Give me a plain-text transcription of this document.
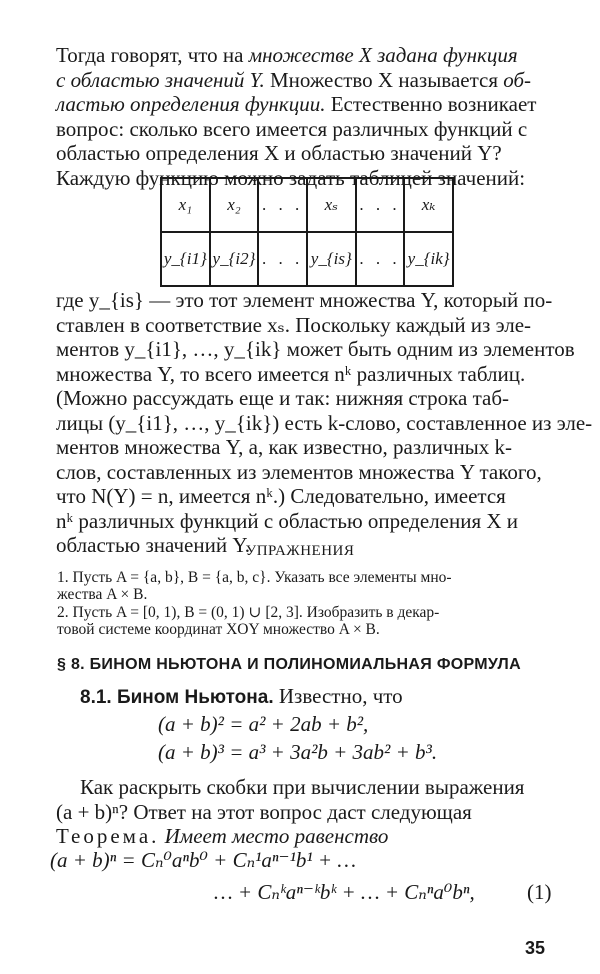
Тогда говорят, что на множестве X задана функция
с областью значений Y. Множество X называется об-
ластью определения функции. Естественно возникает
вопрос: сколько всего имеется различных функций с
областью определения X и областью значений Y?
Каждую функцию можно задать таблицей значений:
x₁	x₂	. . .	xₛ	. . .	xₖ
y_{i1}	y_{i2}	. . .	y_{is}	. . .	y_{ik}
где y_{is} — это тот элемент множества Y, который по-
ставлен в соответствие xₛ. Поскольку каждый из эле-
ментов y_{i1}, …, y_{ik} может быть одним из элементов
множества Y, то всего имеется nᵏ различных таблиц.
(Можно рассуждать еще и так: нижняя строка таб-
лицы (y_{i1}, …, y_{ik}) есть k-слово, составленное из эле-
ментов множества Y, а, как известно, различных k-
слов, составленных из элементов множества Y такого,
что N(Y) = n, имеется nᵏ.) Следовательно, имеется
nᵏ различных функций с областью определения X и
областью значений Y.

УПРАЖНЕНИЯ

1. Пусть A = {a, b}, B = {a, b, c}. Указать все элементы мно-
жества A × B.
2. Пусть A = [0, 1), B = (0, 1) ∪ [2, 3]. Изобразить в декар-
товой системе координат XOY множество A × B.

§ 8. БИНОМ НЬЮТОНА И ПОЛИНОМИАЛЬНАЯ ФОРМУЛА

8.1. Бином Ньютона. Известно, что

(a + b)² = a² + 2ab + b²,

(a + b)³ = a³ + 3a²b + 3ab² + b³.

Как раскрыть скобки при вычислении выражения
(a + b)ⁿ? Ответ на этот вопрос даст следующая
Теорема. Имеет место равенство

(a + b)ⁿ = Cₙ⁰aⁿb⁰ + Cₙ¹aⁿ⁻¹b¹ + …

… + Cₙᵏaⁿ⁻ᵏbᵏ + … + Cₙⁿa⁰bⁿ, (1)

35
